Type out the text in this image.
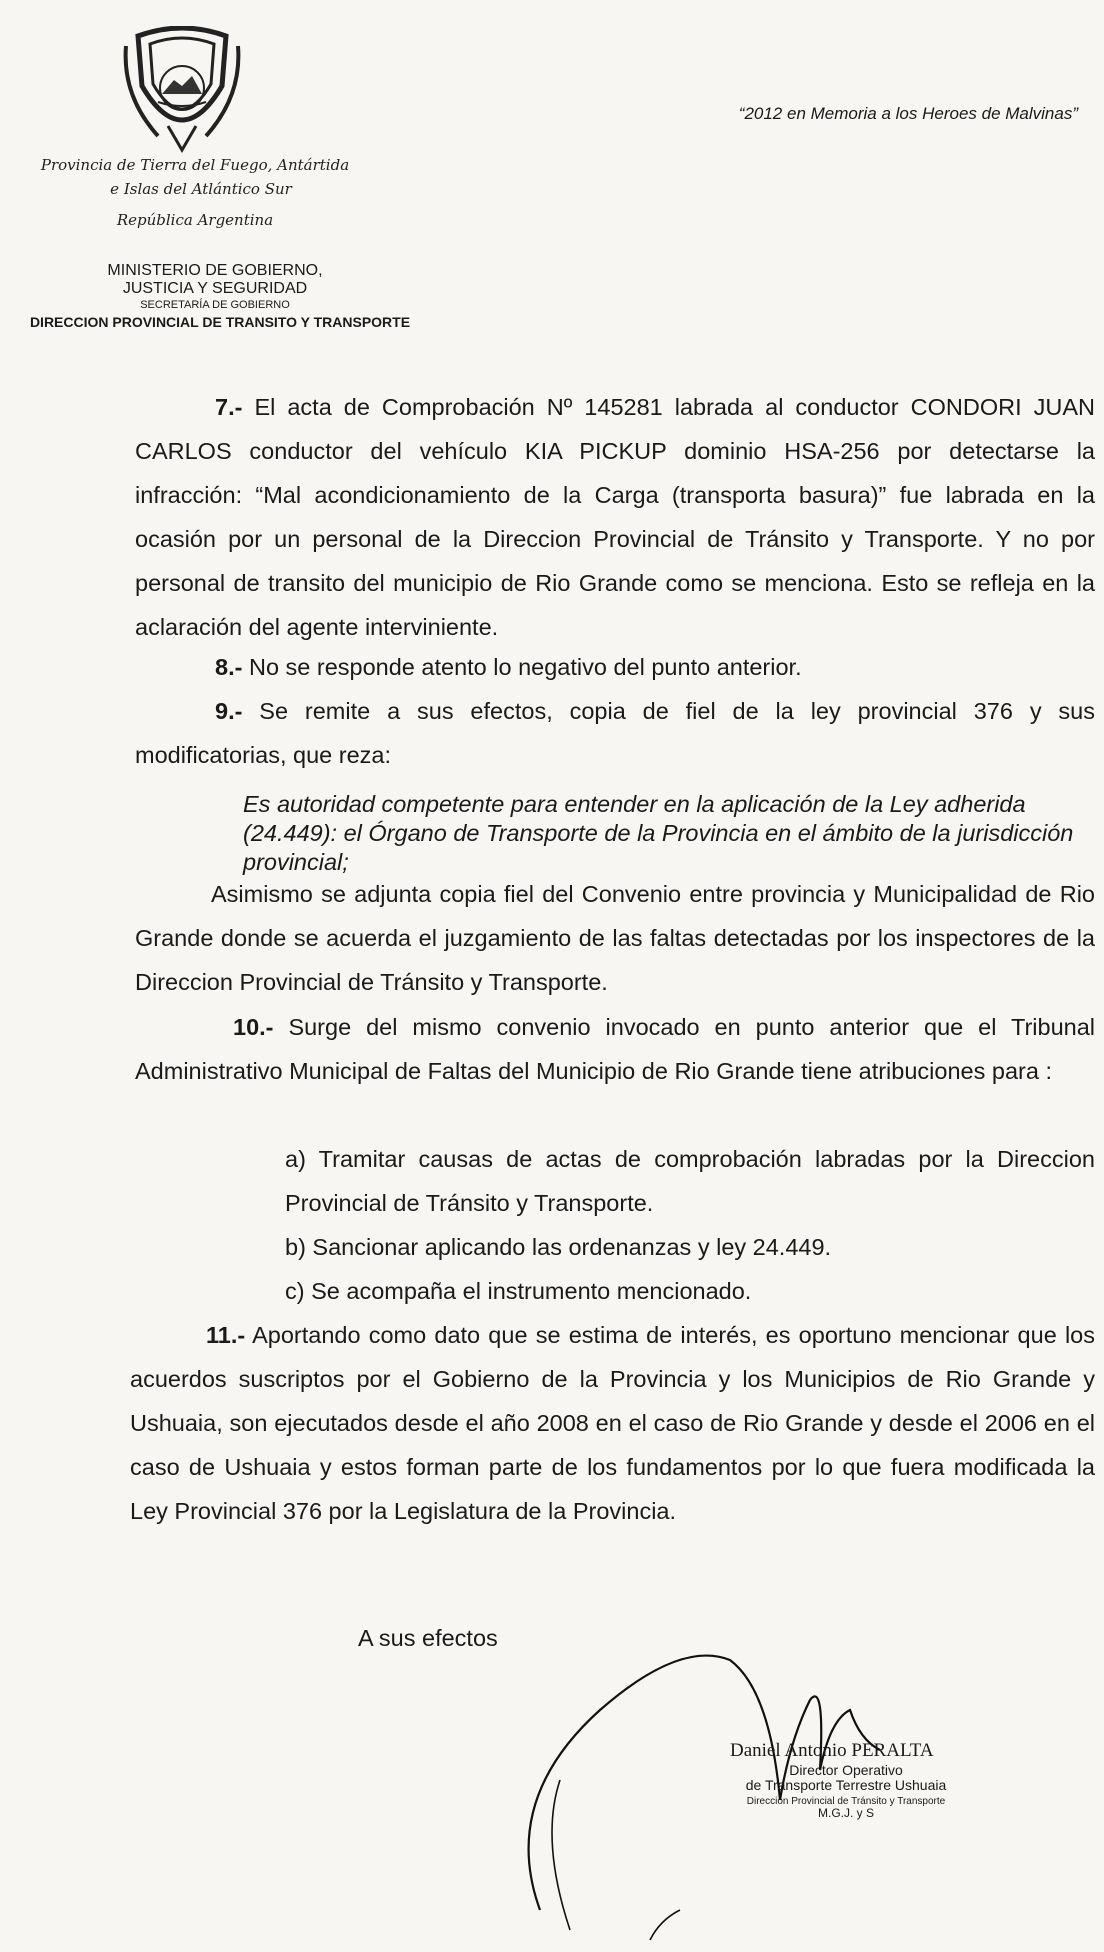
Provincia de Tierra del Fuego, Antártida
e Islas del Atlántico Sur
República Argentina
MINISTERIO DE GOBIERNO,
JUSTICIA Y SEGURIDAD
SECRETARÍA DE GOBIERNO
DIRECCION PROVINCIAL DE TRANSITO Y TRANSPORTE
“2012 en Memoria a los Heroes de Malvinas”
7.- El acta de Comprobación Nº 145281 labrada al conductor CONDORI JUAN CARLOS conductor del vehículo KIA PICKUP dominio HSA-256 por detectarse la infracción: “Mal acondicionamiento de la Carga (transporta basura)” fue labrada en la ocasión por un personal de la Direccion Provincial de Tránsito y Transporte. Y no por personal de transito del municipio de Rio Grande como se menciona. Esto se refleja en la aclaración del agente interviniente.
8.- No se responde atento lo negativo del punto anterior.
9.- Se remite a sus efectos, copia de fiel de la ley provincial 376 y sus modificatorias, que reza:
Es autoridad competente para entender en la aplicación de la Ley adherida (24.449): el Órgano de Transporte de la Provincia en el ámbito de la jurisdicción provincial;
Asimismo se adjunta copia fiel del Convenio entre provincia y Municipalidad de Rio Grande donde se acuerda el juzgamiento de las faltas detectadas por los inspectores de la Direccion Provincial de Tránsito y Transporte.
10.- Surge del mismo convenio invocado en punto anterior que el Tribunal Administrativo Municipal de Faltas del Municipio de Rio Grande tiene atribuciones para :
a) Tramitar causas de actas de comprobación labradas por la Direccion Provincial de Tránsito y Transporte.
b) Sancionar aplicando las ordenanzas y ley 24.449.
c) Se acompaña el instrumento mencionado.
11.- Aportando como dato que se estima de interés, es oportuno mencionar que los acuerdos suscriptos por el Gobierno de la Provincia y los Municipios de Rio Grande y Ushuaia, son ejecutados desde el año 2008 en el caso de Rio Grande y desde el 2006 en el caso de Ushuaia y estos forman parte de los fundamentos por lo que fuera modificada la Ley Provincial 376 por la Legislatura de la Provincia.
A sus efectos
Daniel Antonio PERALTA
Director Operativo
de Transporte Terrestre Ushuaia
Dirección Provincial de Tránsito y Transporte
M.G.J. y S
